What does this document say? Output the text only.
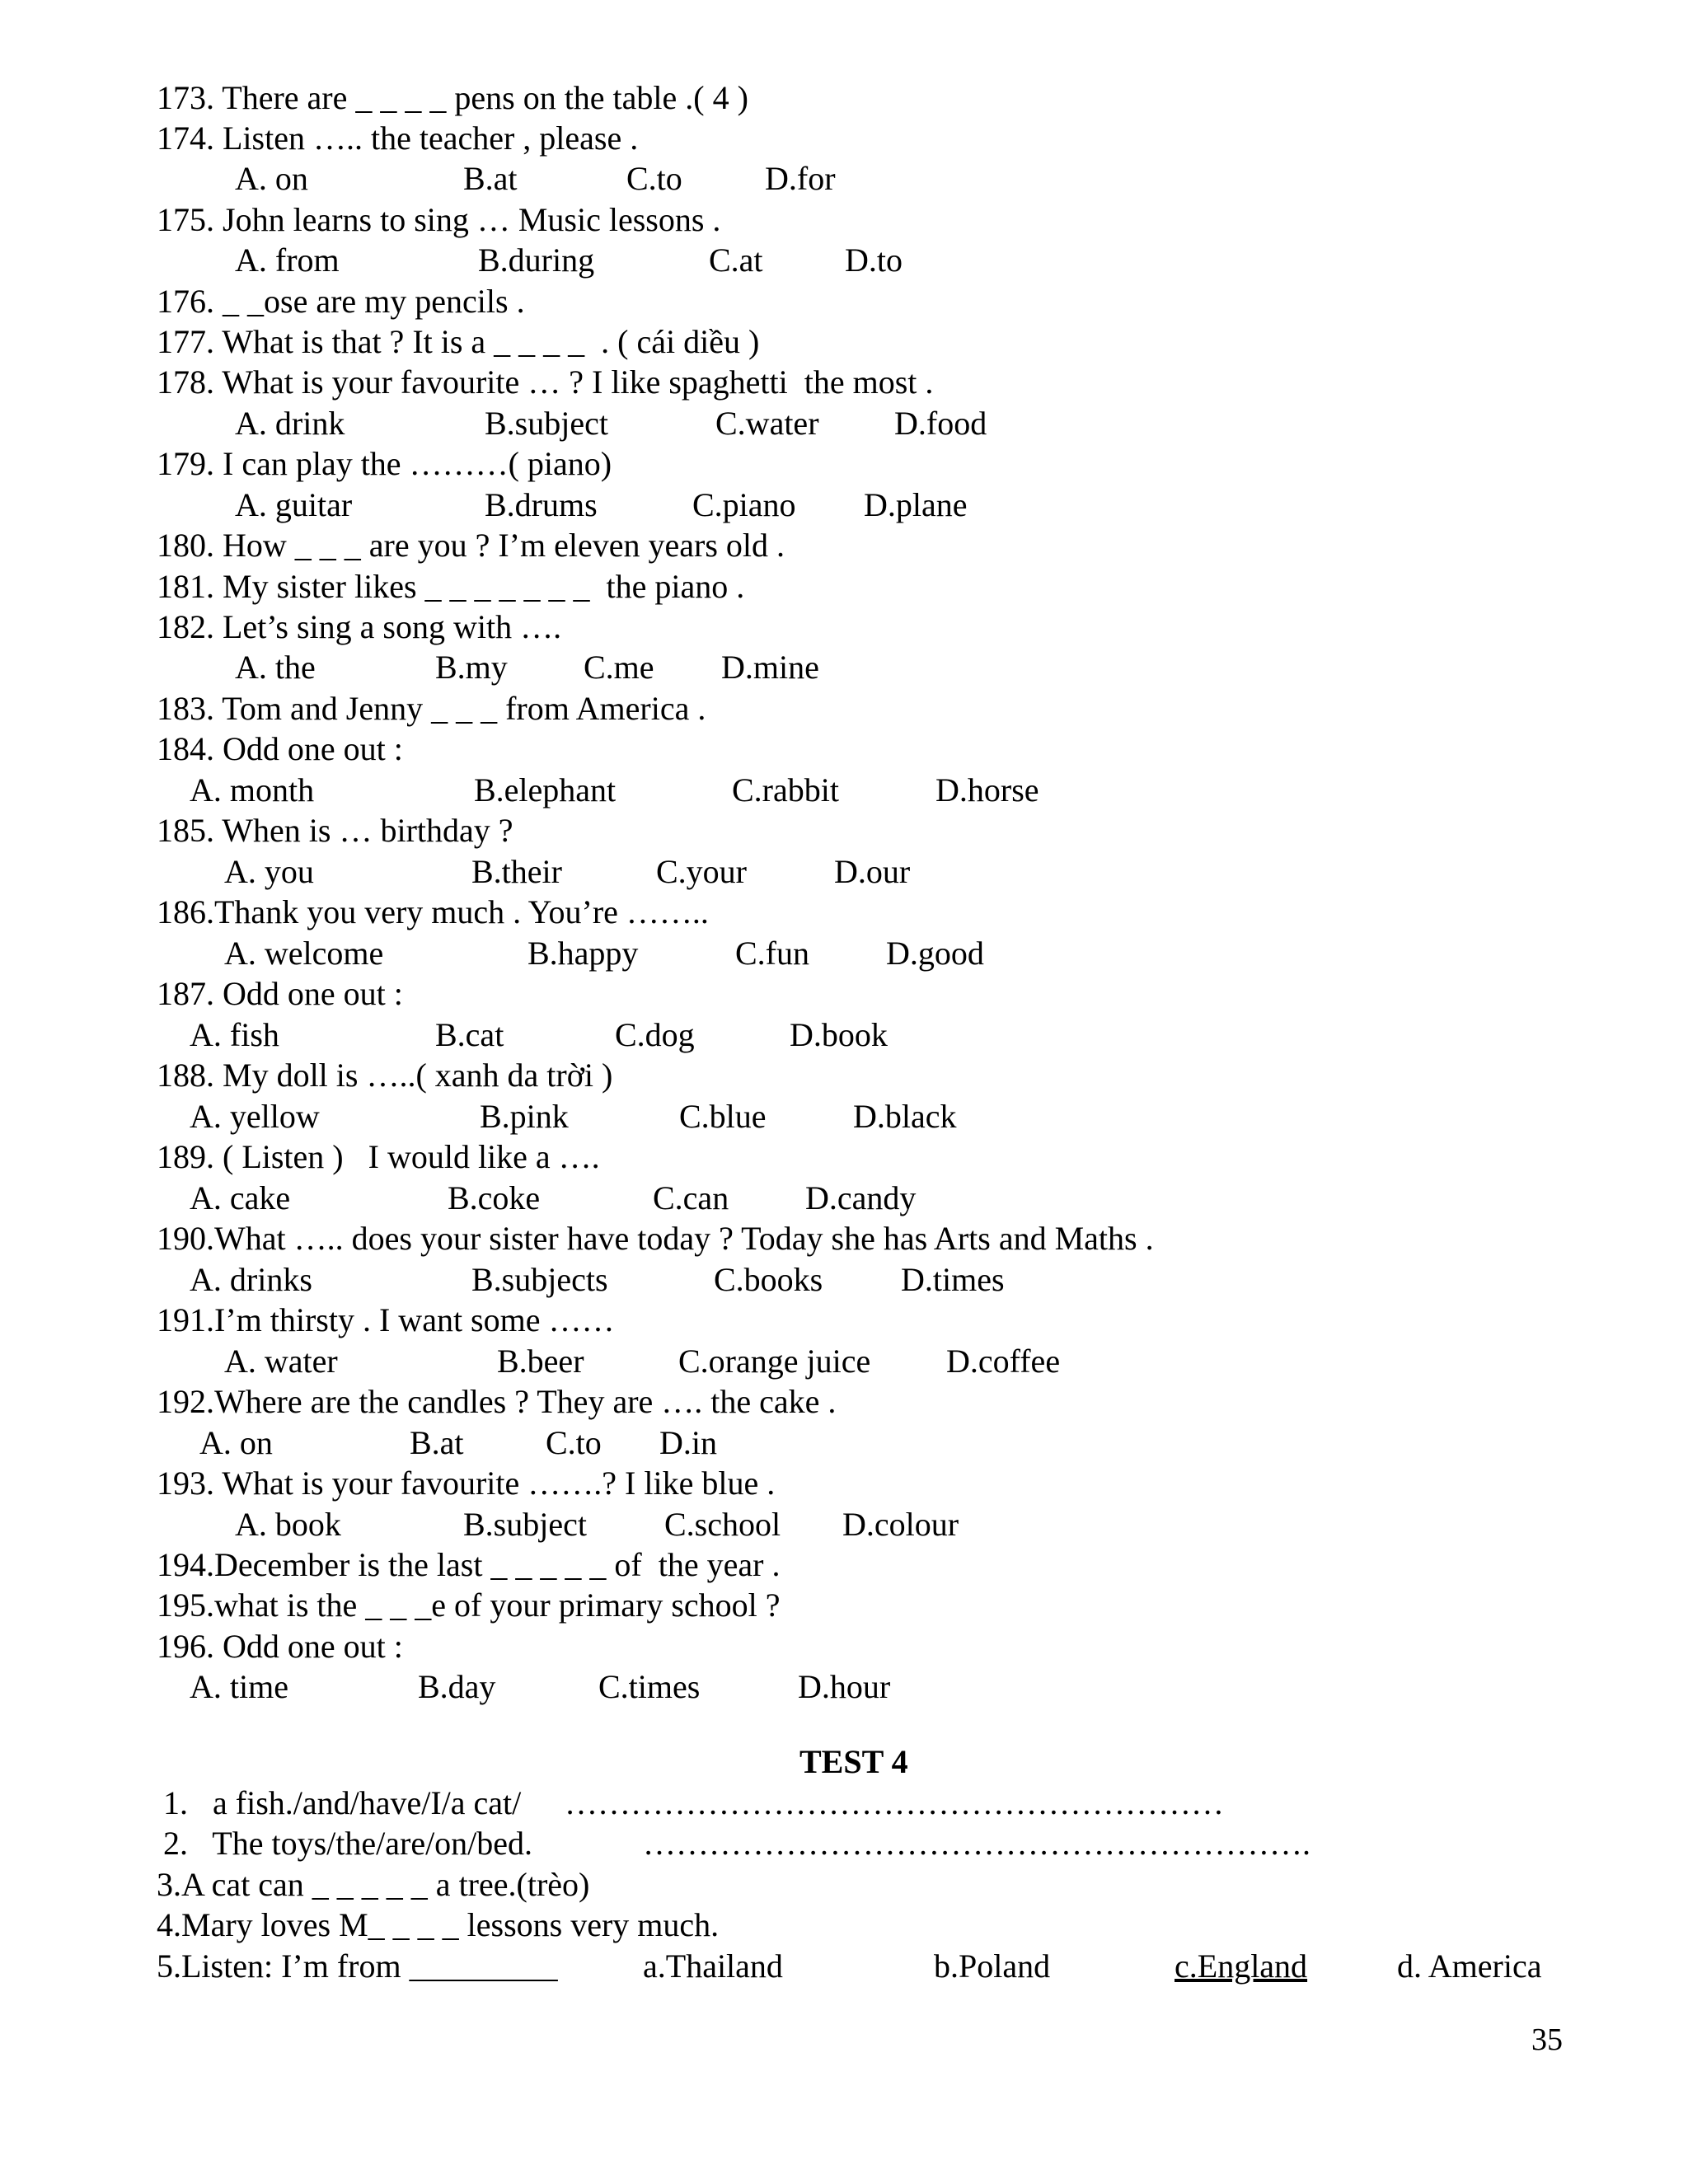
173. There are _ _ _ _ pens on the table .( 4 )
174. Listen ….. the teacher , please .
A. on	B.at	C.to	D.for
175. John learns to sing … Music lessons .
A. from	B.during	C.at D.to
176. _ _ose are my pencils .
177. What is that ? It is a _ _ _ _  . ( cái diều )
178. What is your favourite … ? I like spaghetti  the most .
A. drink	B.subject	C.water D.food
179. I can play the ………( piano)
A. guitar	B.drums	C.piano D.plane
180. How _ _ _ are you ? I’m eleven years old .
181. My sister likes _ _ _ _ _ _ _  the piano .
182. Let’s sing a song with ….
A. the	B.my C.me D.mine
183. Tom and Jenny _ _ _ from America .
184. Odd one out :
A. month	B.elephant	C.rabbit	D.horse
185. When is … birthday ?
A. you	B.their	C.your	D.our
186.Thank you very much . You’re ……..
A. welcome	B.happy	C.fun D.good
187. Odd one out :
A. fish	B.cat	C.dog	D.book
188. My doll is …..( xanh da trời )
A. yellow	B.pink	C.blue	D.black
189. ( Listen )   I would like a ….
A. cake	B.coke	C.can D.candy
190.What ….. does your sister have today ? Today she has Arts and Maths .
A. drinks	B.subjects	C.books D.times
191.I’m thirsty . I want some ……
A. water	B.beer	C.orange juice D.coffee
192.Where are the candles ? They are …. the cake .
A. on	B.at C.to D.in
193. What is your favourite …….? I like blue .
A. book	B.subject C.school D.colour
194.December is the last _ _ _ _ _ of  the year .
195.what is the _ _ _e of your primary school ?
196. Odd one out :
A. time	B.day	C.times	D.hour
TEST 4
1.   a fish./and/have/I/a cat/ ……………………………………………………
2.   The toys/the/are/on/bed.	…………………………………………………….
3.A cat can _ _ _ _ _ a tree.(trèo)
4.Mary loves M_ _ _ _ lessons very much.
5.Listen: I’m from _________	a.Thailand	b.Poland	c.England	d. America
35
